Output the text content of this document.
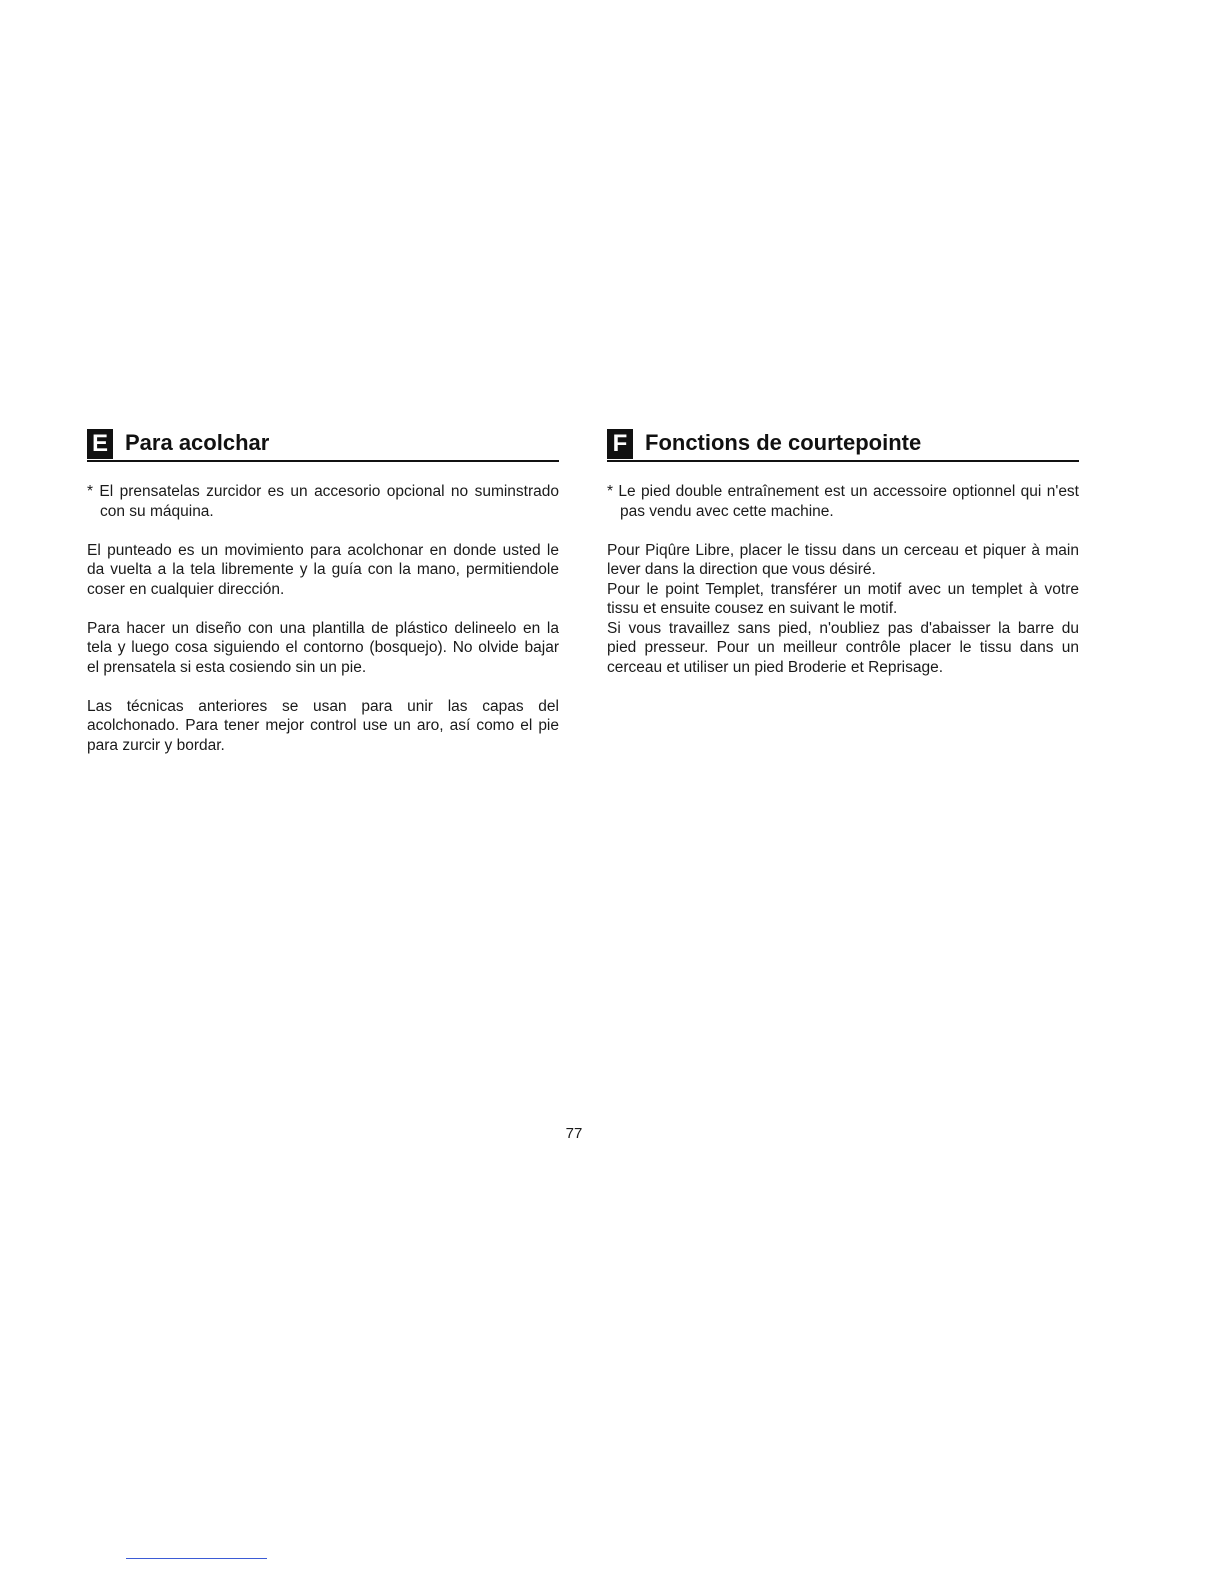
E Para acolchar

* El prensatelas zurcidor es un accesorio opcional no suminstrado con su máquina.

El punteado es un movimiento para acolchonar en donde usted le da vuelta a la tela libremente y la guía con la mano, permitiendole coser en cualquier dirección.

Para hacer un diseño con una plantilla de plástico delineelo en la tela y luego cosa siguiendo el contorno (bosquejo). No olvide bajar el prensatela si esta cosiendo sin un pie.

Las técnicas anteriores se usan para unir las capas del acolchonado. Para tener mejor control use un aro, así como el pie para zurcir y bordar.

F Fonctions de courtepointe

* Le pied double entraînement est un accessoire optionnel qui n'est pas vendu avec cette machine.

Pour Piqûre Libre, placer le tissu dans un cerceau et piquer à main lever dans la direction que vous désiré.

Pour le point Templet, transférer un motif avec un templet à votre tissu et ensuite cousez en suivant le motif.

Si vous travaillez sans pied, n'oubliez pas d'abaisser la barre du pied presseur. Pour un meilleur contrôle placer le tissu dans un cerceau et utiliser un pied Broderie et Reprisage.

77
